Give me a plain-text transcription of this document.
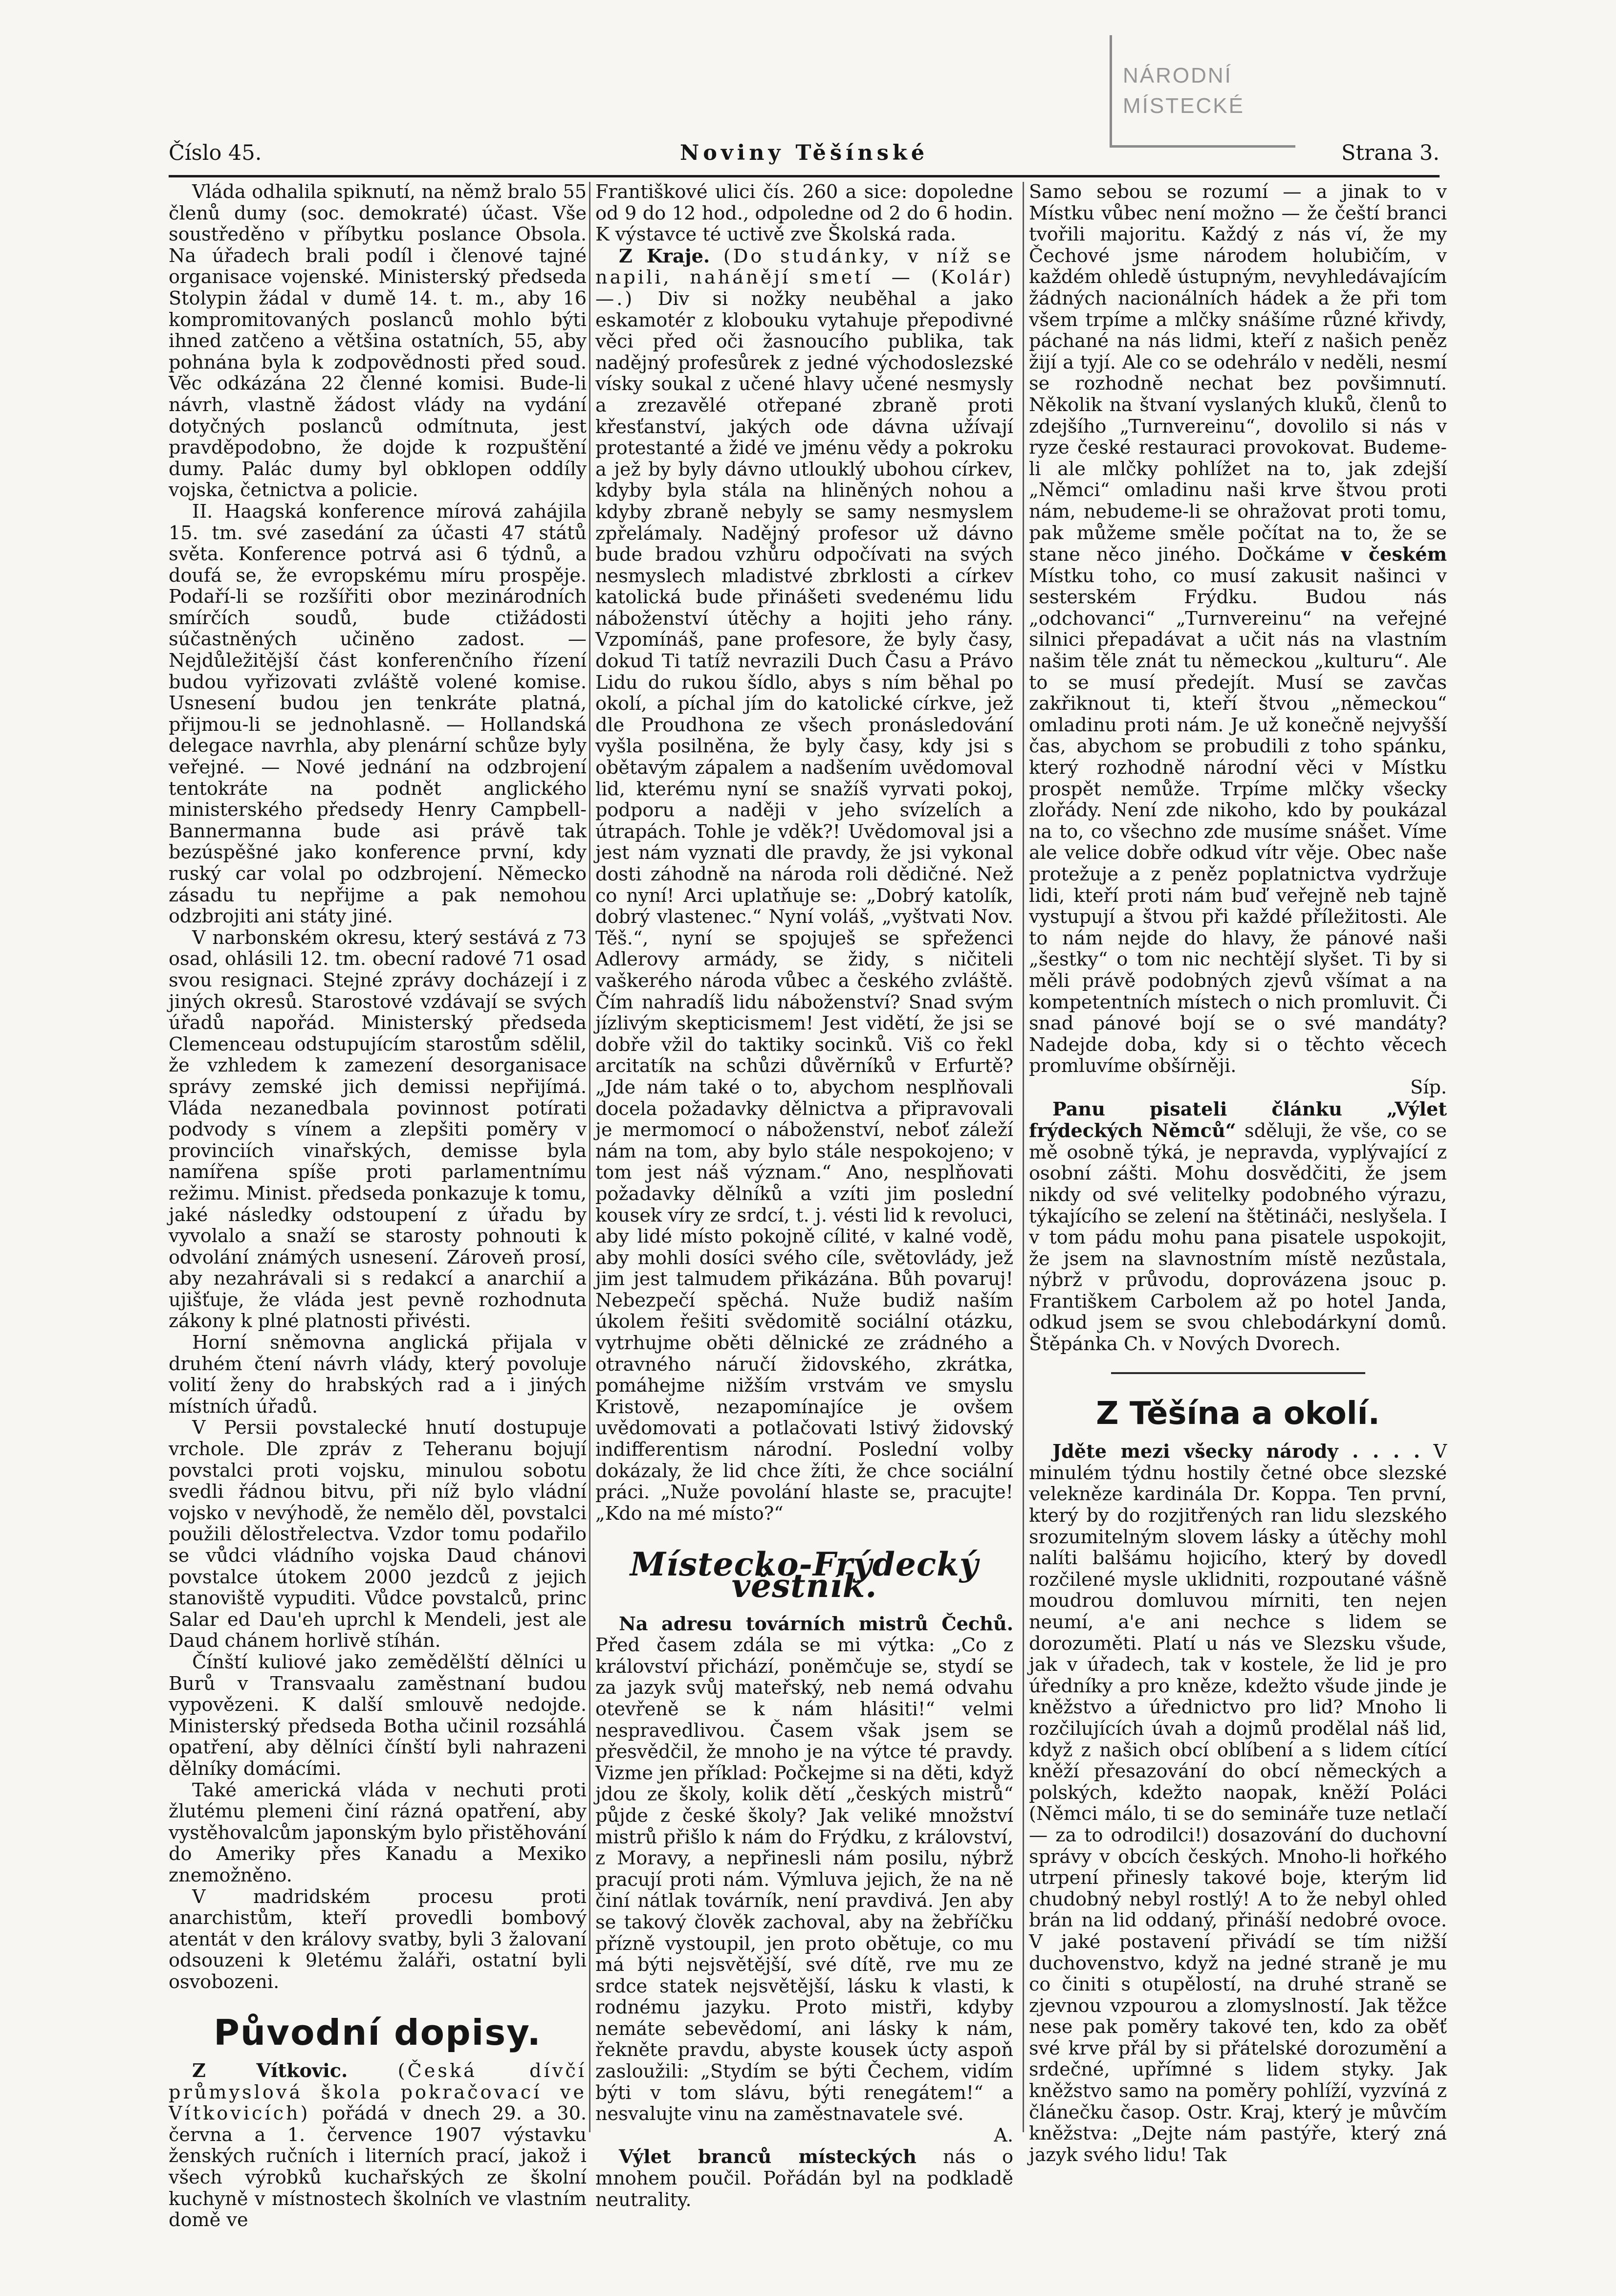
NÁRODNÍ
MÍSTECKÉ
Číslo 45.	Noviny Těšínské	Strana 3.

Vláda odhalila spiknutí, na němž bralo 55 členů dumy (soc. demokraté) účast. Vše soustředěno v příbytku poslance Obsola. Na úřadech brali podíl i členové tajné organisace vojenské. Ministerský předseda Stolypin žádal v dumě 14. t. m., aby 16 kompromitovaných poslanců mohlo býti ihned zatčeno a většina ostatních, 55, aby pohnána byla k zodpovědnosti před soud. Věc odkázána 22 členné komisi. Bude-li návrh, vlastně žádost vlády na vydání dotyčných poslanců odmítnuta, jest pravděpodobno, že dojde k rozpuštění dumy. Palác dumy byl obklopen oddíly vojska, četnictva a policie.

II. Haagská konference mírová zahájila 15. tm. své zasedání za účasti 47 států světa. Konference potrvá asi 6 týdnů, a doufá se, že evropskému míru prospěje. Podaří-li se rozšířiti obor mezinárodních smírčích soudů, bude ctižádosti súčastněných učiněno zadost. — Nejdůležitější část konferenčního řízení budou vyřizovati zvláště volené komise. Usnesení budou jen tenkráte platná, přijmou-li se jednohlasně. — Hollandská delegace navrhla, aby plenární schůze byly veřejné. — Nové jednání na odzbrojení tentokráte na podnět anglického ministerského předsedy Henry Campbell-Bannermanna bude asi právě tak bezúspěšné jako konference první, kdy ruský car volal po odzbrojení. Německo zásadu tu nepřijme a pak nemohou odzbrojiti ani státy jiné.

V narbonském okresu, který sestává z 73 osad, ohlásili 12. tm. obecní radové 71 osad svou resignaci. Stejné zprávy docházejí i z jiných okresů. Starostové vzdávají se svých úřadů napořád. Ministerský předseda Clemenceau odstupujícím starostům sdělil, že vzhledem k zamezení desorganisace správy zemské jich demissi nepřijímá. Vláda nezanedbala povinnost potírati podvody s vínem a zlepšiti poměry v provinciích vinařských, demisse byla namířena spíše proti parlamentnímu režimu. Minist. předseda ponkazuje k tomu, jaké následky odstoupení z úřadu by vyvolalo a snaží se starosty pohnouti k odvolání známých usnesení. Zároveň prosí, aby nezahrávali si s redakcí a anarchií a ujišťuje, že vláda jest pevně rozhodnuta zákony k plné platnosti přivésti.

Horní sněmovna anglická přijala v druhém čtení návrh vlády, který povoluje volití ženy do hrabských rad a i jiných místních úřadů.

V Persii povstalecké hnutí dostupuje vrchole. Dle zpráv z Teheranu bojují povstalci proti vojsku, minulou sobotu svedli řádnou bitvu, při níž bylo vládní vojsko v nevýhodě, že nemělo děl, povstalci použili dělostřelectva. Vzdor tomu podařilo se vůdci vládního vojska Daud chánovi povstalce útokem 2000 jezdců z jejich stanoviště vypuditi. Vůdce povstalců, princ Salar ed Dau'eh uprchl k Mendeli, jest ale Daud chánem horlivě stíhán.

Čínští kuliové jako zemědělští dělníci u Burů v Transvaalu zaměstnaní budou vypovězeni. K další smlouvě nedojde. Ministerský předseda Botha učinil rozsáhlá opatření, aby dělníci čínští byli nahrazeni dělníky domácími.

Také americká vláda v nechuti proti žlutému plemeni činí rázná opatření, aby vystěhovalcům japonským bylo přistěhování do Ameriky přes Kanadu a Mexiko znemožněno.

V madridském procesu proti anarchistům, kteří provedli bombový atentát v den královy svatby, byli 3 žalovaní odsouzeni k 9letému žaláři, ostatní byli osvobozeni.

Původní dopisy.

Z Vítkovic.	(Česká dívčí průmyslová škola pokračovací ve Vítkovicích) pořádá v dnech 29. a 30. června a 1. července 1907 výstavku ženských ručních i literních prací, jakož i všech výrobků kuchařských ze školní kuchyně v místnostech školních ve vlastním domě ve

Františkové ulici čís. 260 a sice: dopoledne od 9 do 12 hod., odpoledne od 2 do 6 hodin. K výstavce té uctivě zve Školská rada.

Z Kraje. (Do studánky, v níž se napili, nahánějí smetí — (Kolár) —.) Div si nožky neuběhal a jako eskamotér z klobouku vytahuje přepodivné věci před oči žasnoucího publika, tak nadějný profesůrek z jedné východoslezské vísky soukal z učené hlavy učené nesmysly a zrezavělé otřepané zbraně proti křesťanství, jakých ode dávna užívají protestanté a židé ve jménu vědy a pokroku a jež by byly dávno utlouklý ubohou církev, kdyby byla stála na hliněných nohou a kdyby zbraně nebyly se samy nesmyslem zpřelámaly. Nadějný profesor už dávno bude bradou vzhůru odpočívati na svých nesmyslech mladistvé zbrklosti a církev katolická bude přinášeti svedenému lidu náboženství útěchy a hojiti jeho rány. Vzpomínáš, pane profesore, že byly časy, dokud Ti tatíž nevrazili Duch Času a Právo Lidu do rukou šídlo, abys s ním běhal po okolí, a píchal jím do katolické církve, jež dle Proudhona ze všech pronásledování vyšla posilněna, že byly časy, kdy jsi s obětavým zápalem a nadšením uvědomoval lid, kterému nyní se snažíš vyrvati pokoj, podporu a naději v jeho svízelích a útrapách. Tohle je vděk?! Uvědomoval jsi a jest nám vyznati dle pravdy, že jsi vykonal dosti záhodně na národa roli dědičné. Než co nyní! Arci uplatňuje se: „Dobrý katolík, dobrý vlastenec.“ Nyní voláš, „vyštvati Nov. Těš.“, nyní se spojuješ se spřeženci Adlerovy armády, se židy, s ničiteli vaškerého národa vůbec a českého zvláště. Čím nahradíš lidu náboženství? Snad svým jízlivým skepticismem! Jest vidětí, že jsi se dobře vžil do taktiky socinků. Viš co řekl arcitatík na schůzi důvěrníků v Erfurtě? „Jde nám také o to, abychom nesplňovali docela požadavky dělnictva a připravovali je mermomocí o náboženství, neboť záleží nám na tom, aby bylo stále nespokojeno; v tom jest náš význam.“ Ano, nesplňovati požadavky dělníků a vzíti jim poslední kousek víry ze srdcí, t. j. vésti lid k revoluci, aby lidé místo pokojně cílité, v kalné vodě, aby mohli dosíci svého cíle, světovlády, jež jim jest talmudem přikázána. Bůh povaruj! Nebezpečí spěchá. Nuže budiž naším úkolem řešiti svědomitě sociální otázku, vytrhujme oběti dělnické ze zrádného a otravného náručí židovského, zkrátka, pomáhejme nižším vrstvám ve smyslu Kristově, nezapomínajíce je ovšem uvědomovati a potlačovati lstivý židovský indifferentism národní. Poslední volby dokázaly, že lid chce žíti, že chce sociální práci. „Nuže povolání hlaste se, pracujte! „Kdo na mé místo?“

Místecko-Frýdecký věstník.

Na adresu továrních mistrů Čechů. Před časem zdála se mi výtka: „Co z království přichází, poněmčuje se, stydí se za jazyk svůj mateřský, neb nemá odvahu otevřeně se k nám hlásiti!“ velmi nespravedlivou. Časem však jsem se přesvědčil, že mnoho je na výtce té pravdy. Vizme jen příklad: Počkejme si na děti, když jdou ze školy, kolik dětí „českých mistrů“ půjde z české školy? Jak veliké množství mistrů přišlo k nám do Frýdku, z království, z Moravy, a nepřinesli nám posilu, nýbrž pracují proti nám. Výmluva jejich, že na ně činí nátlak továrník, není pravdivá. Jen aby se takový člověk zachoval, aby na žebříčku přízně vystoupil, jen proto obětuje, co mu má býti nejsvětější, své dítě, rve mu ze srdce statek nejsvětější, lásku k vlasti, k rodnému jazyku. Proto mistři, kdyby nemáte sebevědomí, ani lásky k nám, řekněte pravdu, abyste kousek úcty aspoň zasloužili: „Stydím se býti Čechem, vidím býti v tom slávu, býti renegátem!“ a nesvalujte vinu na zaměstnavatele své.

A.

Výlet branců místeckých nás o mnohem poučil. Pořádán byl na podkladě neutrality.

Samo sebou se rozumí — a jinak to v Místku vůbec není možno — že čeští branci tvořili majoritu. Každý z nás ví, že my Čechové jsme národem holubičím, v každém ohledě ústupným, nevyhledávajícím žádných nacionálních hádek a že při tom všem trpíme a mlčky snášíme různé křivdy, páchané na nás lidmi, kteří z našich peněz žijí a tyjí. Ale co se odehrálo v neděli, nesmí se rozhodně nechat bez povšimnutí. Několik na štvaní vyslaných kluků, členů to zdejšího „Turnvereinu“, dovolilo si nás v ryze české restauraci provokovat. Budeme-li ale mlčky pohlížet na to, jak zdejší „Němci“ omladinu naši krve štvou proti nám, nebudeme-li se ohražovat proti tomu, pak můžeme směle počítat na to, že se stane něco jiného. Dočkáme v českém Místku toho, co musí zakusit našinci v sesterském Frýdku. Budou nás „odchovanci“ „Turnvereinu“ na veřejné silnici přepadávat a učit nás na vlastním našim těle znát tu německou „kulturu“. Ale to se musí předejít. Musí se zavčas zakřiknout ti, kteří štvou „německou“ omladinu proti nám. Je už konečně nejvyšší čas, abychom se probudili z toho spánku, který rozhodně národní věci v Místku prospět nemůže. Trpíme mlčky všecky zlořády. Není zde nikoho, kdo by poukázal na to, co všechno zde musíme snášet. Víme ale velice dobře odkud vítr věje. Obec naše protežuje a z peněz poplatnictva vydržuje lidi, kteří proti nám buď veřejně neb tajně vystupují a štvou při každé příležitosti. Ale to nám nejde do hlavy, že pánové naši „šestky“ o tom nic nechtějí slyšet. Ti by si měli právě podobných zjevů všímat a na kompetentních místech o nich promluvit. Či snad pánové bojí se o své mandáty? Nadejde doba, kdy si o těchto věcech promluvíme obšírněji.

Síp.

Panu pisateli článku „Výlet frýdeckých Němců“ sděluji, že vše, co se mě osobně týká, je nepravda, vyplývající z osobní zášti. Mohu dosvědčiti, že jsem nikdy od své velitelky podobného výrazu, týkajícího se zelení na štětináči, neslyšela. I v tom pádu mohu pana pisatele uspokojit, že jsem na slavnostním místě nezůstala, nýbrž v průvodu, doprovázena jsouc p. Františkem Carbolem až po hotel Janda, odkud jsem se svou chlebodárkyní domů. Štěpánka Ch. v Nových Dvorech.

Z Těšína a okolí.

Jděte mezi všecky národy . . . . V minulém týdnu hostily četné obce slezské velekněze kardinála Dr. Koppa. Ten první, který by do rozjitřených ran lidu slezského srozumitelným slovem lásky a útěchy mohl nalíti balšámu hojicího, který by dovedl rozčilené mysle uklidniti, rozpoutané vášně moudrou domluvou mírniti, ten nejen neumí, a'e ani nechce s lidem se dorozuměti. Platí u nás ve Slezsku všude, jak v úřadech, tak v kostele, že lid je pro úředníky a pro kněze, kdežto všude jinde je kněžstvo a úřednictvo pro lid? Mnoho li rozčilujících úvah a dojmů prodělal náš lid, když z našich obcí oblíbení a s lidem cítící kněží přesazování do obcí německých a polských, kdežto naopak, kněží Poláci (Němci málo, ti se do semináře tuze netlačí — za to odrodilci!) dosazování do duchovní správy v obcích českých. Mnoho-li hořkého utrpení přinesly takové boje, kterým lid chudobný nebyl rostlý! A to že nebyl ohled brán na lid oddaný, přináší nedobré ovoce. V jaké postavení přivádí se tím nižší duchovenstvo, když na jedné straně je mu co činiti s otupělostí, na druhé straně se zjevnou vzpourou a zlomyslností. Jak těžce nese pak poměry takové ten, kdo za oběť své krve přál by si přátelské dorozumění a srdečné, upřímné s lidem styky. Jak kněžstvo samo na poměry pohlíží, vyzvíná z článečku časop. Ostr. Kraj, který je můvčím kněžstva: „Dejte nám pastýře, který zná jazyk svého lidu! Tak
